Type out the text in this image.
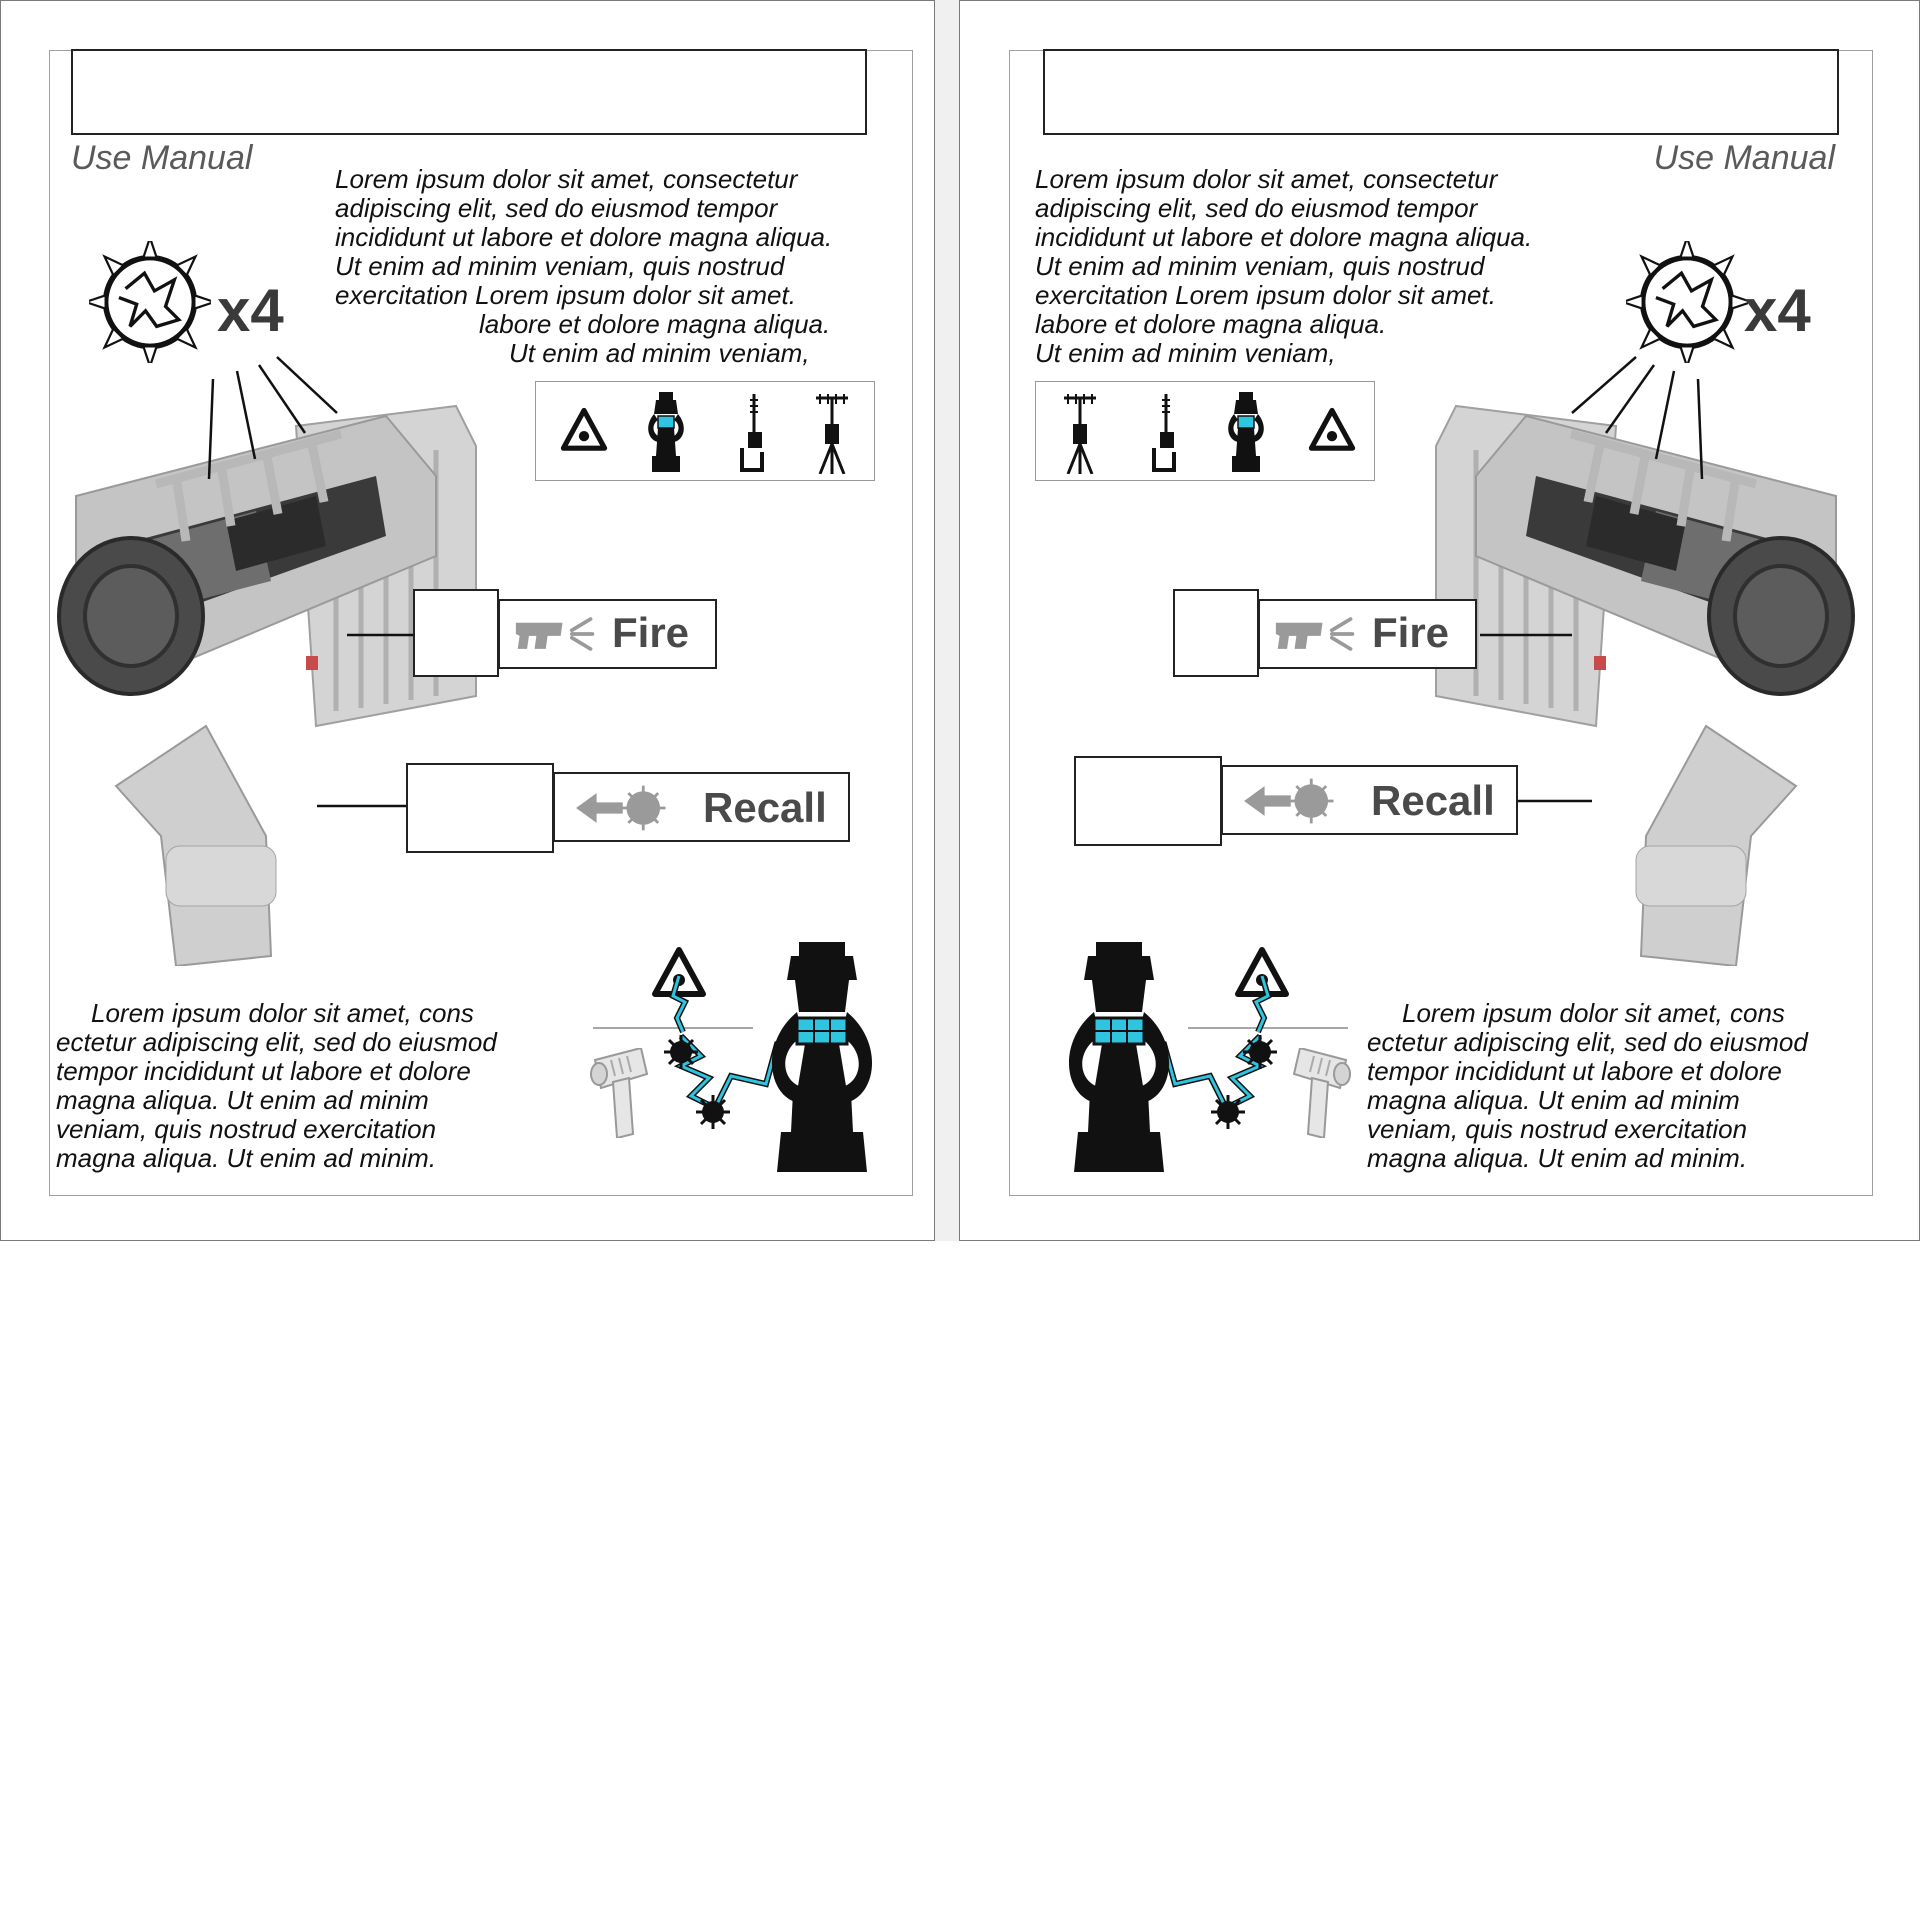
Use Manual
Lorem ipsum dolor sit amet, consectetur
adipiscing elit, sed do eiusmod tempor
incididunt ut labore et dolore magna aliqua.
Ut enim ad minim veniam, quis nostrud
exercitation Lorem ipsum dolor sit amet.
labore et dolore magna aliqua.
Ut enim ad minim veniam,
x4
Fire
Recall
Lorem ipsum dolor sit amet, cons
ectetur adipiscing elit, sed do eiusmod
tempor incididunt ut labore et dolore
magna aliqua. Ut enim ad minim
veniam, quis nostrud exercitation
magna aliqua. Ut enim ad minim.
Use Manual
Lorem ipsum dolor sit amet, consectetur
adipiscing elit, sed do eiusmod tempor
incididunt ut labore et dolore magna aliqua.
Ut enim ad minim veniam, quis nostrud
exercitation Lorem ipsum dolor sit amet.
labore et dolore magna aliqua.
Ut enim ad minim veniam,
x4
Fire
Recall
Lorem ipsum dolor sit amet, cons
ectetur adipiscing elit, sed do eiusmod
tempor incididunt ut labore et dolore
magna aliqua. Ut enim ad minim
veniam, quis nostrud exercitation
magna aliqua. Ut enim ad minim.
